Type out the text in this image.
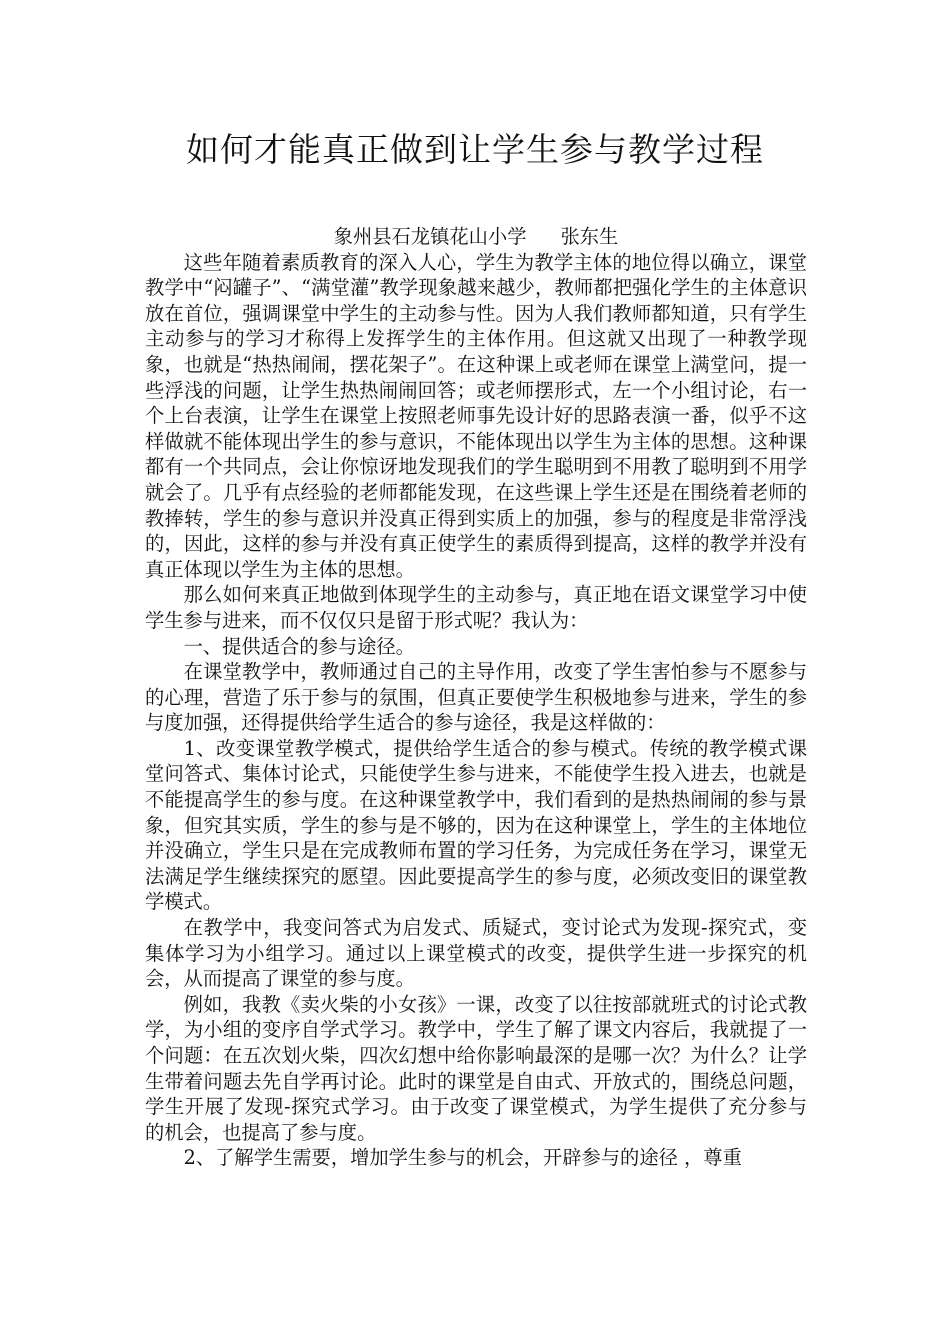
如何才能真正做到让学生参与教学过程

象州县石龙镇花山小学 张东生

这些年随着素质教育的深入人心，学生为教学主体的地位得以确立，课堂教学中“闷罐子”、“满堂灌”教学现象越来越少，教师都把强化学生的主体意识放在首位，强调课堂中学生的主动参与性。因为人我们教师都知道，只有学生主动参与的学习才称得上发挥学生的主体作用。但这就又出现了一种教学现象，也就是“热热闹闹，摆花架子”。在这种课上或老师在课堂上满堂问，提一些浮浅的问题，让学生热热闹闹回答；或老师摆形式，左一个小组讨论，右一个上台表演，让学生在课堂上按照老师事先设计好的思路表演一番，似乎不这样做就不能体现出学生的参与意识，不能体现出以学生为主体的思想。这种课都有一个共同点，会让你惊讶地发现我们的学生聪明到不用教了聪明到不用学就会了。几乎有点经验的老师都能发现，在这些课上学生还是在围绕着老师的教捧转，学生的参与意识并没真正得到实质上的加强，参与的程度是非常浮浅的，因此，这样的参与并没有真正使学生的素质得到提高，这样的教学并没有真正体现以学生为主体的思想。

那么如何来真正地做到体现学生的主动参与，真正地在语文课堂学习中使学生参与进来，而不仅仅只是留于形式呢？我认为：

一、提供适合的参与途径。

在课堂教学中，教师通过自己的主导作用，改变了学生害怕参与不愿参与的心理，营造了乐于参与的氛围，但真正要使学生积极地参与进来，学生的参与度加强，还得提供给学生适合的参与途径，我是这样做的：

1、改变课堂教学模式，提供给学生适合的参与模式。传统的教学模式课堂问答式、集体讨论式，只能使学生参与进来，不能使学生投入进去，也就是不能提高学生的参与度。在这种课堂教学中，我们看到的是热热闹闹的参与景象，但究其实质，学生的参与是不够的，因为在这种课堂上，学生的主体地位并没确立，学生只是在完成教师布置的学习任务，为完成任务在学习，课堂无法满足学生继续探究的愿望。因此要提高学生的参与度，必须改变旧的课堂教学模式。

在教学中，我变问答式为启发式、质疑式，变讨论式为发现-探究式，变集体学习为小组学习。通过以上课堂模式的改变，提供学生进一步探究的机会，从而提高了课堂的参与度。

例如，我教《卖火柴的小女孩》一课，改变了以往按部就班式的讨论式教学，为小组的变序自学式学习。教学中，学生了解了课文内容后，我就提了一个问题：在五次划火柴，四次幻想中给你影响最深的是哪一次？为什么？让学生带着问题去先自学再讨论。此时的课堂是自由式、开放式的，围绕总问题，学生开展了发现-探究式学习。由于改变了课堂模式，为学生提供了充分参与的机会，也提高了参与度。

2、了解学生需要，增加学生参与的机会，开辟参与的途径 ，尊重
